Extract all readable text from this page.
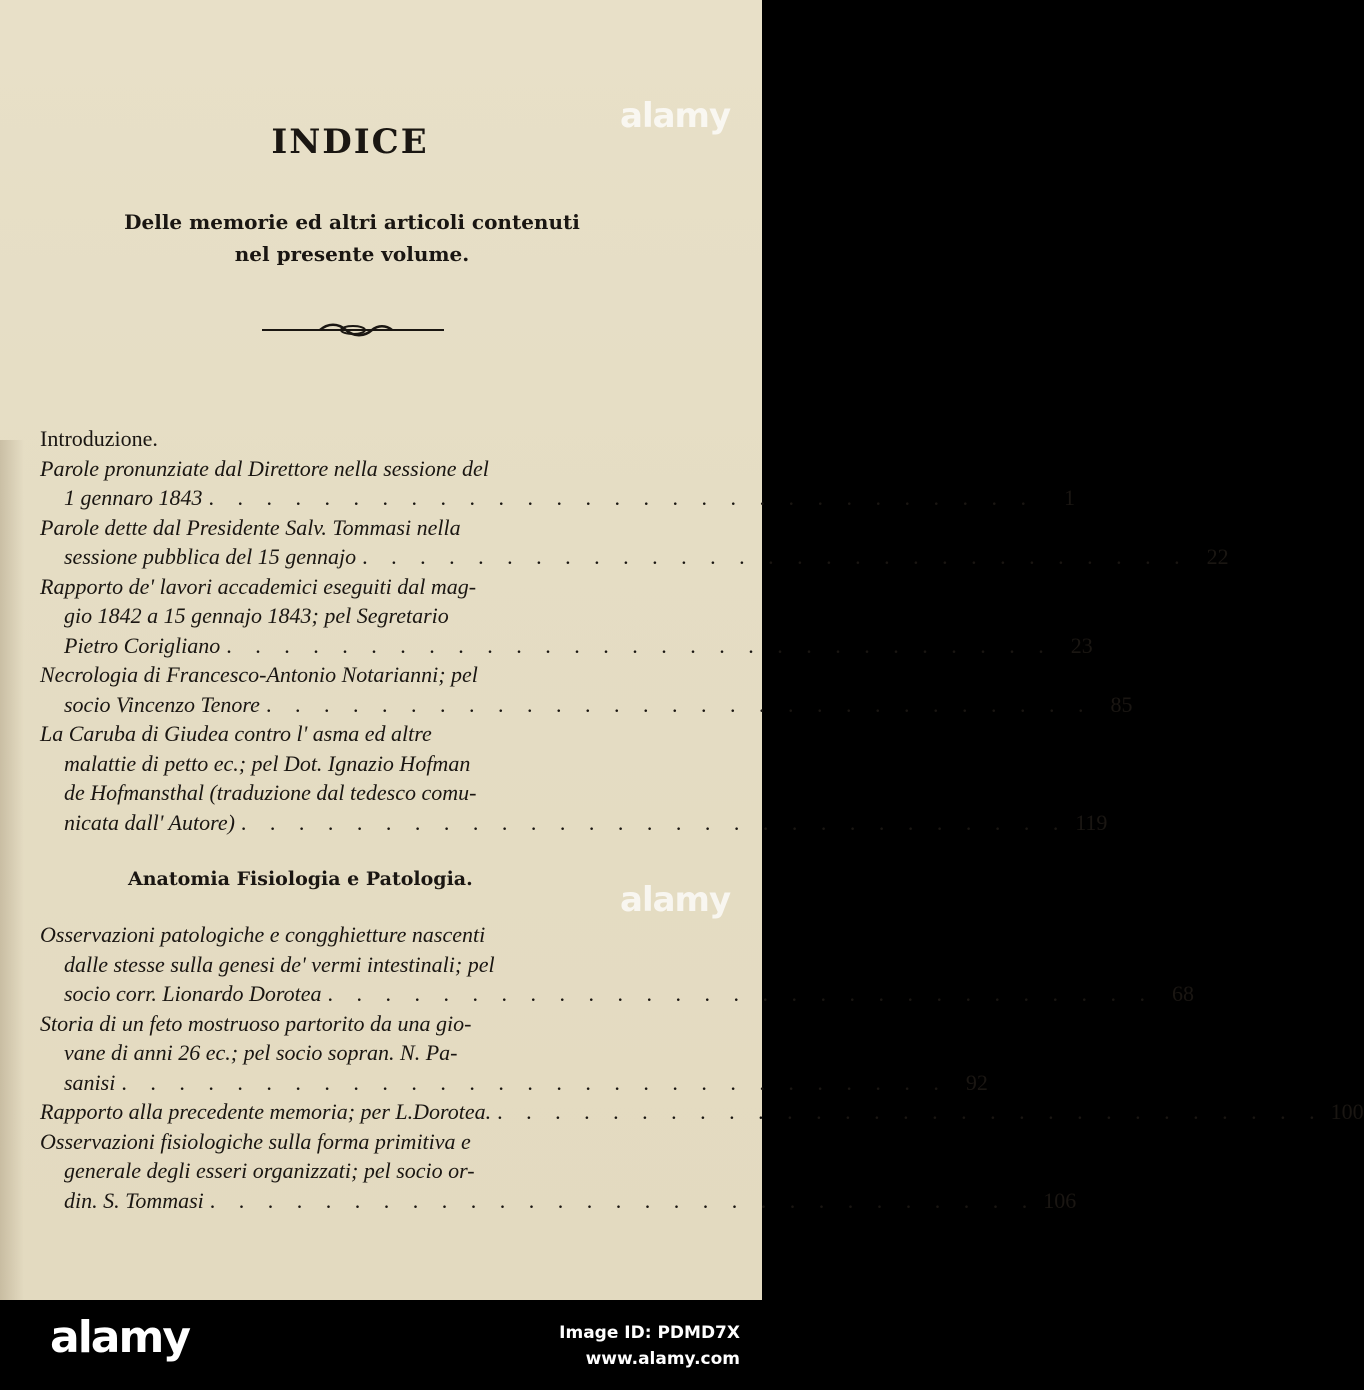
alamy
alamy
INDICE
Delle memorie ed altri articoli contenuti
nel presente volume.
Introduzione.
Parole pronunziate dal Direttore nella sessione del
1 gennaro 1843 . . . . . . . . . . . . . . . . . . . . . . . . . . . . .	1
Parole dette dal Presidente Salv. Tommasi nella
sessione pubblica del 15 gennajo . . . . . . . . . . . . . . . . . . . . . . . . . . . . . 22
Rapporto de' lavori accademici eseguiti dal mag-
gio 1842 a 15 gennajo 1843; pel Segretario
Pietro Corigliano . . . . . . . . . . . . . . . . . . . . . . . . . . . . . 23
Necrologia di Francesco-Antonio Notarianni; pel
socio Vincenzo Tenore . . . . . . . . . . . . . . . . . . . . . . . . . . . . . 85
La Caruba di Giudea contro l' asma ed altre
malattie di petto ec.; pel Dot. Ignazio Hofman
de Hofmansthal (traduzione dal tedesco comu-
nicata dall' Autore) . . . . . . . . . . . . . . . . . . . . . . . . . . . . . 119
Anatomia Fisiologia e Patologia.
Osservazioni patologiche e congghietture nascenti
dalle stesse sulla genesi de' vermi intestinali; pel
socio corr. Lionardo Dorotea . . . . . . . . . . . . . . . . . . . . . . . . . . . . . 68
Storia di un feto mostruoso partorito da una gio-
vane di anni 26 ec.; pel socio sopran. N. Pa-
sanisi . . . . . . . . . . . . . . . . . . . . . . . . . . . . . 92
Rapporto alla precedente memoria; per L.Dorotea. . . . . . . . . . . . . . . . . . . . . . . . . . . . . . 100
Osservazioni fisiologiche sulla forma primitiva e
generale degli esseri organizzati; pel socio or-
din. S. Tommasi . . . . . . . . . . . . . . . . . . . . . . . . . . . . . 106
alamy	Image ID: PDMD7X
www.alamy.com
